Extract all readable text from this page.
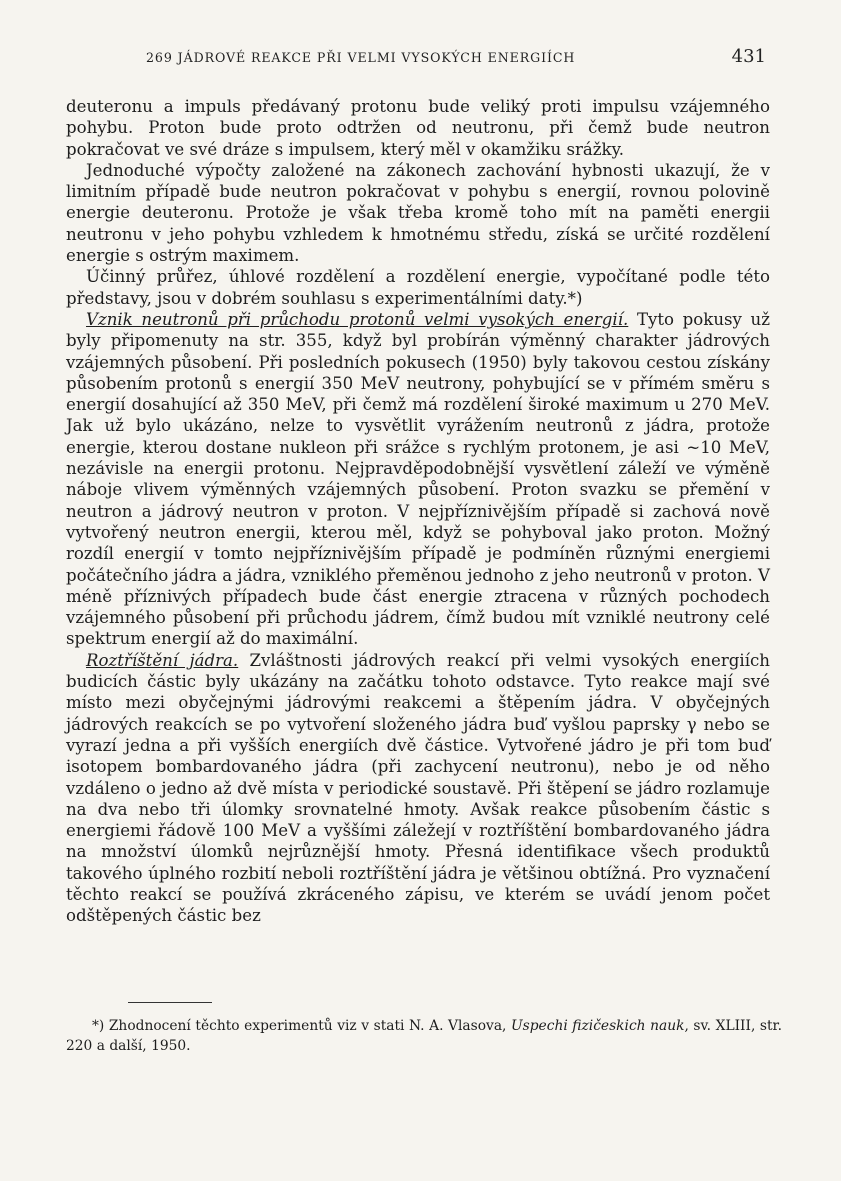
269 JÁDROVÉ REAKCE PŘI VELMI VYSOKÝCH ENERGIÍCH	431

deuteronu a impuls předávaný protonu bude veliký proti impulsu vzájemného pohybu. Proton bude proto odtržen od neutronu, při čemž bude neutron pokračovat ve své dráze s impulsem, který měl v okamžiku srážky.

Jednoduché výpočty založené na zákonech zachování hybnosti ukazují, že v limitním případě bude neutron pokračovat v pohybu s energií, rovnou polovině energie deuteronu. Protože je však třeba kromě toho mít na paměti energii neutronu v jeho pohybu vzhledem k hmotnému středu, získá se určité rozdělení energie s ostrým maximem.

Účinný průřez, úhlové rozdělení a rozdělení energie, vypočítané podle této představy, jsou v dobrém souhlasu s experimentálními daty.*)

Vznik neutronů při průchodu protonů velmi vysokých energií. Tyto pokusy už byly připomenuty na str. 355, když byl probírán výměnný charakter jádrových vzájemných působení. Při posledních pokusech (1950) byly takovou cestou získány působením protonů s energií 350 MeV neutrony, pohybující se v přímém směru s energií dosahující až 350 MeV, při čemž má rozdělení široké maximum u 270 MeV. Jak už bylo ukázáno, nelze to vysvětlit vyrážením neutronů z jádra, protože energie, kterou dostane nukleon při srážce s rychlým protonem, je asi ~10 MeV, nezávisle na energii protonu. Nejpravděpodobnější vysvětlení záleží ve výměně náboje vlivem výměnných vzájemných působení. Proton svazku se přemění v neutron a jádrový neutron v proton. V nejpříznivějším případě si zachová nově vytvořený neutron energii, kterou měl, když se pohyboval jako proton. Možný rozdíl energií v tomto nejpříznivějším případě je podmíněn různými energiemi počátečního jádra a jádra, vzniklého přeměnou jednoho z jeho neutronů v proton. V méně příznivých případech bude část energie ztracena v různých pochodech vzájemného působení při průchodu jádrem, čímž budou mít vzniklé neutrony celé spektrum energií až do maximální.

Roztříštění jádra. Zvláštnosti jádrových reakcí při velmi vysokých energiích budicích částic byly ukázány na začátku tohoto odstavce. Tyto reakce mají své místo mezi obyčejnými jádrovými reakcemi a štěpením jádra. V obyčejných jádrových reakcích se po vytvoření složeného jádra buď vyšlou paprsky γ nebo se vyrazí jedna a při vyšších energiích dvě částice. Vytvořené jádro je při tom buď isotopem bombardovaného jádra (při zachycení neutronu), nebo je od něho vzdáleno o jedno až dvě místa v periodické soustavě. Při štěpení se jádro rozlamuje na dva nebo tři úlomky srovnatelné hmoty. Avšak reakce působením částic s energiemi řádově 100 MeV a vyššími záležejí v roztříštění bombardovaného jádra na množství úlomků nejrůznější hmoty. Přesná identifikace všech produktů takového úplného rozbití neboli roztříštění jádra je většinou obtížná. Pro vyznačení těchto reakcí se používá zkráceného zápisu, ve kterém se uvádí jenom počet odštěpených částic bez

*) Zhodnocení těchto experimentů viz v stati N. A. Vlasova, Uspechi fizičeskich nauk, sv. XLIII, str. 220 a další, 1950.
